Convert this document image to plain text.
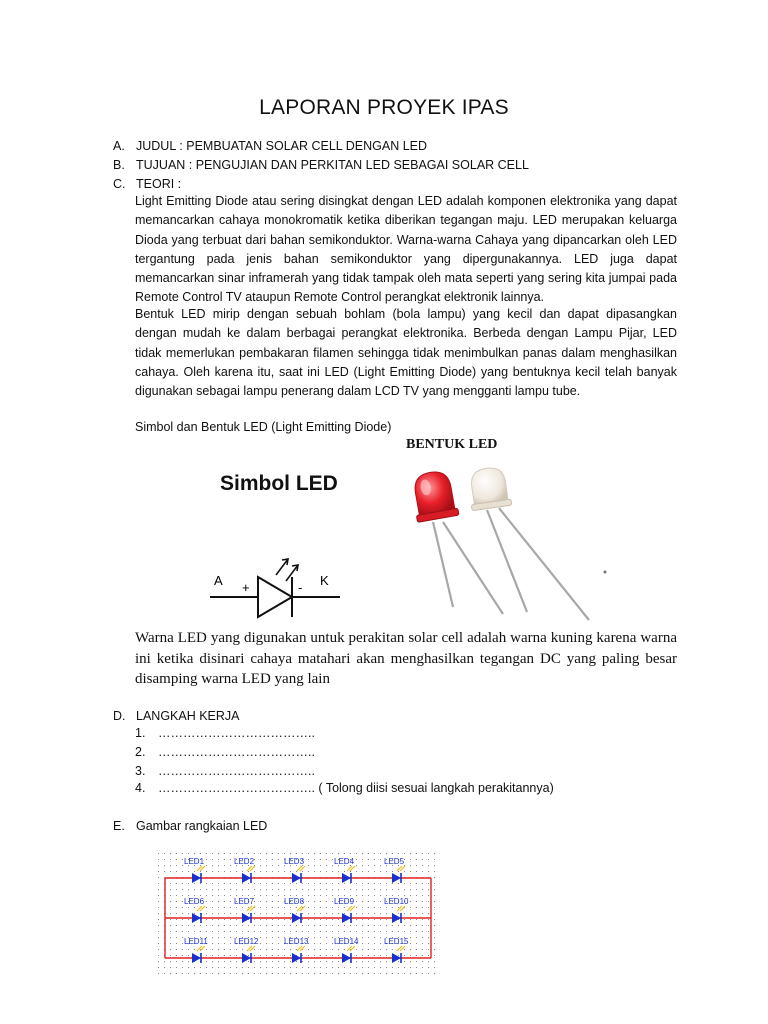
LAPORAN PROYEK IPAS
A. JUDUL : PEMBUATAN SOLAR CELL DENGAN LED
B. TUJUAN : PENGUJIAN DAN PERKITAN LED SEBAGAI SOLAR CELL
C. TEORI :
Light Emitting Diode atau sering disingkat dengan LED adalah komponen elektronika yang dapat memancarkan cahaya monokromatik ketika diberikan tegangan maju. LED merupakan keluarga Dioda yang terbuat dari bahan semikonduktor. Warna-warna Cahaya yang dipancarkan oleh LED tergantung pada jenis bahan semikonduktor yang dipergunakannya. LED juga dapat memancarkan sinar inframerah yang tidak tampak oleh mata seperti yang sering kita jumpai pada Remote Control TV ataupun Remote Control perangkat elektronik lainnya.
Bentuk LED mirip dengan sebuah bohlam (bola lampu) yang kecil dan dapat dipasangkan dengan mudah ke dalam berbagai perangkat elektronika. Berbeda dengan Lampu Pijar, LED tidak memerlukan pembakaran filamen sehingga tidak menimbulkan panas dalam menghasilkan cahaya. Oleh karena itu, saat ini LED (Light Emitting Diode) yang bentuknya kecil telah banyak digunakan sebagai lampu penerang dalam LCD TV yang mengganti lampu tube.
Simbol dan Bentuk LED (Light Emitting Diode)
BENTUK LED
Simbol LED
A +	- K
Warna LED yang digunakan untuk perakitan solar cell adalah warna kuning karena warna ini ketika disinari cahaya matahari akan menghasilkan tegangan DC yang paling besar disamping warna LED yang lain
D. LANGKAH KERJA
1. ………………………………..
2. ………………………………..
3. ………………………………..
4. ……………………………….. ( Tolong diisi sesuai langkah perakitannya)
E. Gambar rangkaian LED
LED1	LED2	LED3	LED4	LED5
LED6	LED7	LED8	LED9	LED10
LED11	LED12	LED13	LED14	LED15
